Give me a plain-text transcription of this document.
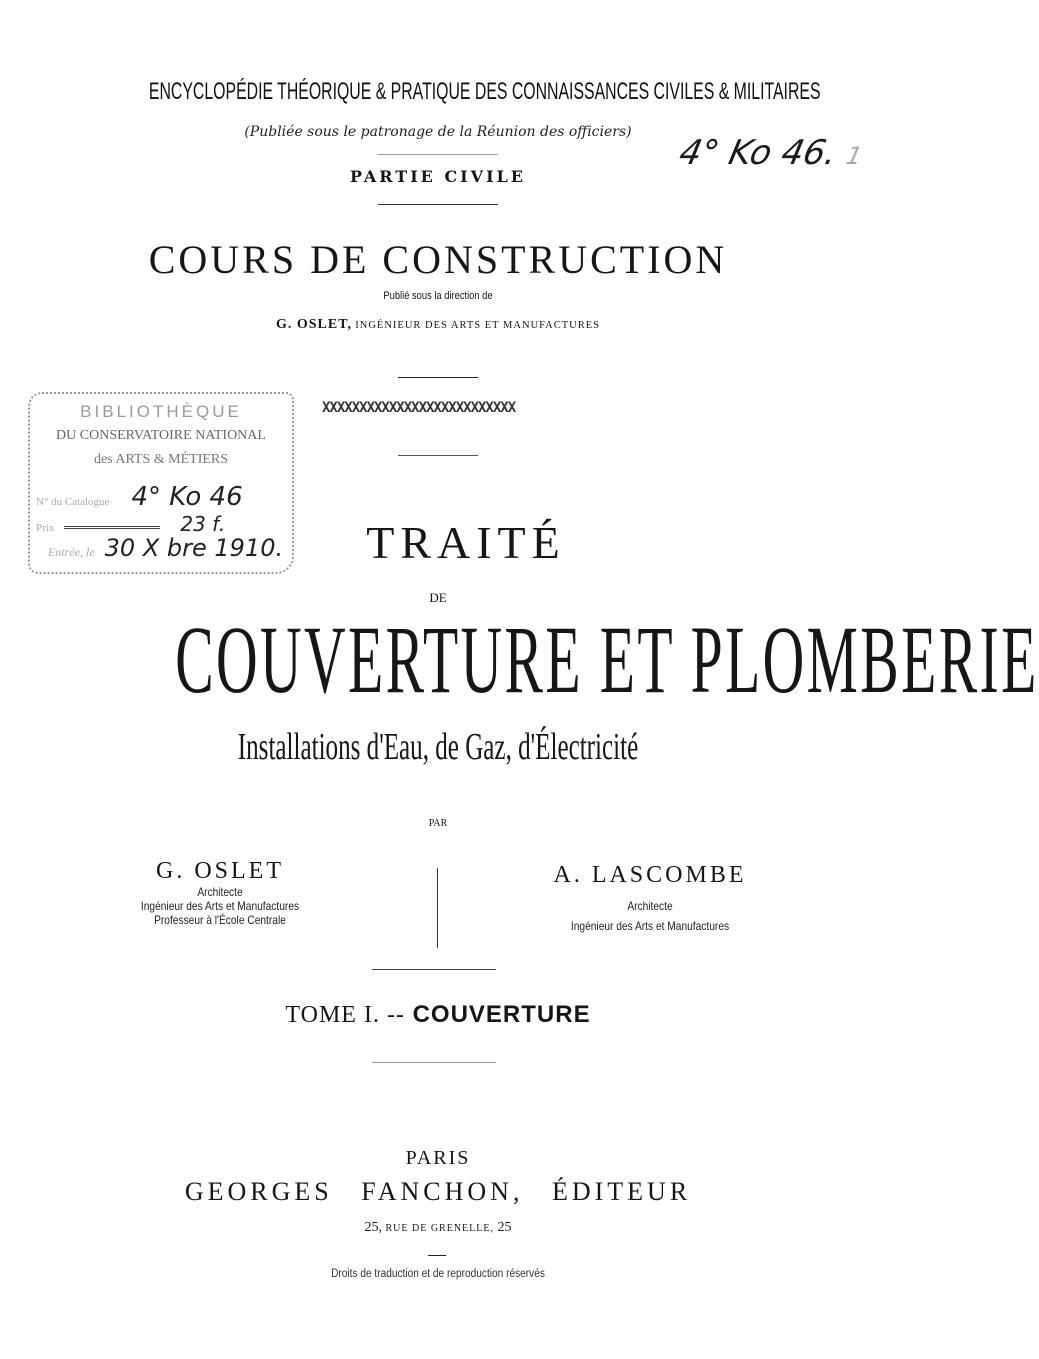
ENCYCLOPÉDIE THÉORIQUE & PRATIQUE DES CONNAISSANCES CIVILES & MILITAIRES
(Publiée sous le patronage de la Réunion des officiers)
PARTIE CIVILE
4° Ko 46. 1
COURS DE CONSTRUCTION
Publié sous la direction de
G. OSLET, INGÉNIEUR DES ARTS ET MANUFACTURES
BIBLIOTHÈQUE
DU CONSERVATOIRE NATIONAL
des ARTS & MÉTIERS
N° du Catalogue 4° Ko 46
Prix	23 f.
Entrée, le 30 X bre 1910.
XXXXXXXXXXXXXXXXXXXXXXXXXX
TRAITÉ
DE
COUVERTURE ET PLOMBERIE
Installations d'Eau, de Gaz, d'Électricité
PAR
G. OSLET
Architecte
Ingénieur des Arts et Manufactures
Professeur à l'École Centrale
A. LASCOMBE
Architecte
Ingénieur des Arts et Manufactures
TOME I. -- COUVERTURE
PARIS
GEORGES FANCHON, ÉDITEUR
25, RUE DE GRENELLE, 25
Droits de traduction et de reproduction réservés
